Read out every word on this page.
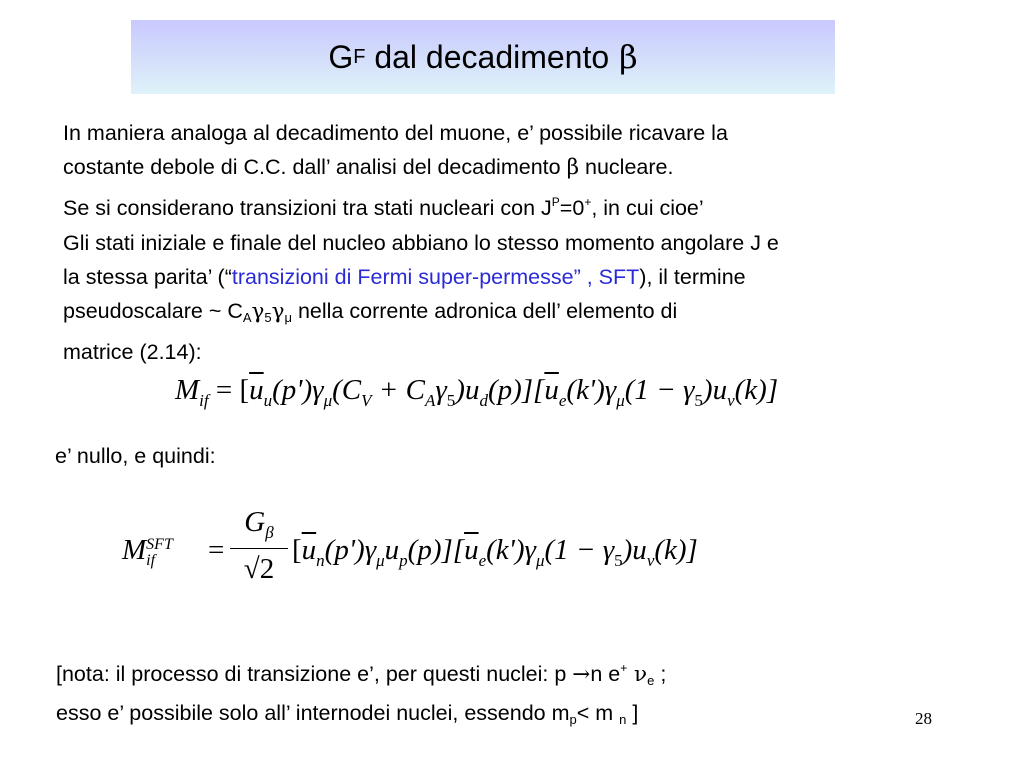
G F
dal decadimento β
In maniera analoga al decadimento del muone, e’ possibile ricavare la
costante debole di C.C. dall’ analisi del decadimento β nucleare.
Se si considerano transizioni tra stati nucleari con $J^P=0^+$, in cui cioe’
Gli stati iniziale e finale del nucleo abbiano lo stesso momento angolare J e
la stessa parita’ (“transizioni di Fermi super-permesse” , SFT), il termine
pseudoscalare ~ $C_A\gamma_5\gamma_\mu$ nella corrente adronica dell’ elemento di
matrice (2.14):
$M_{if} = [\overline{u}_u(p')\gamma_\mu(C_V + C_A\gamma_5)u_d(p)][\overline{u}_e(k')\gamma_\mu(1 - \gamma_5)u_\nu(k)]$
e’ nullo, e quindi:
M SFT
if	=
$G_\beta$
√2
$[\overline{u}_n(p')\gamma_\mu u_p(p)][\overline{u}_e(k')\gamma_\mu(1 - \gamma_5)u_\nu(k)]$
[nota: il processo di transizione e’, per questi nuclei: p →n e+ $\nu_e$ ;
esso e’ possibile solo all’ internodei nuclei, essendo $m_p< m$ $_n$ ]	28
